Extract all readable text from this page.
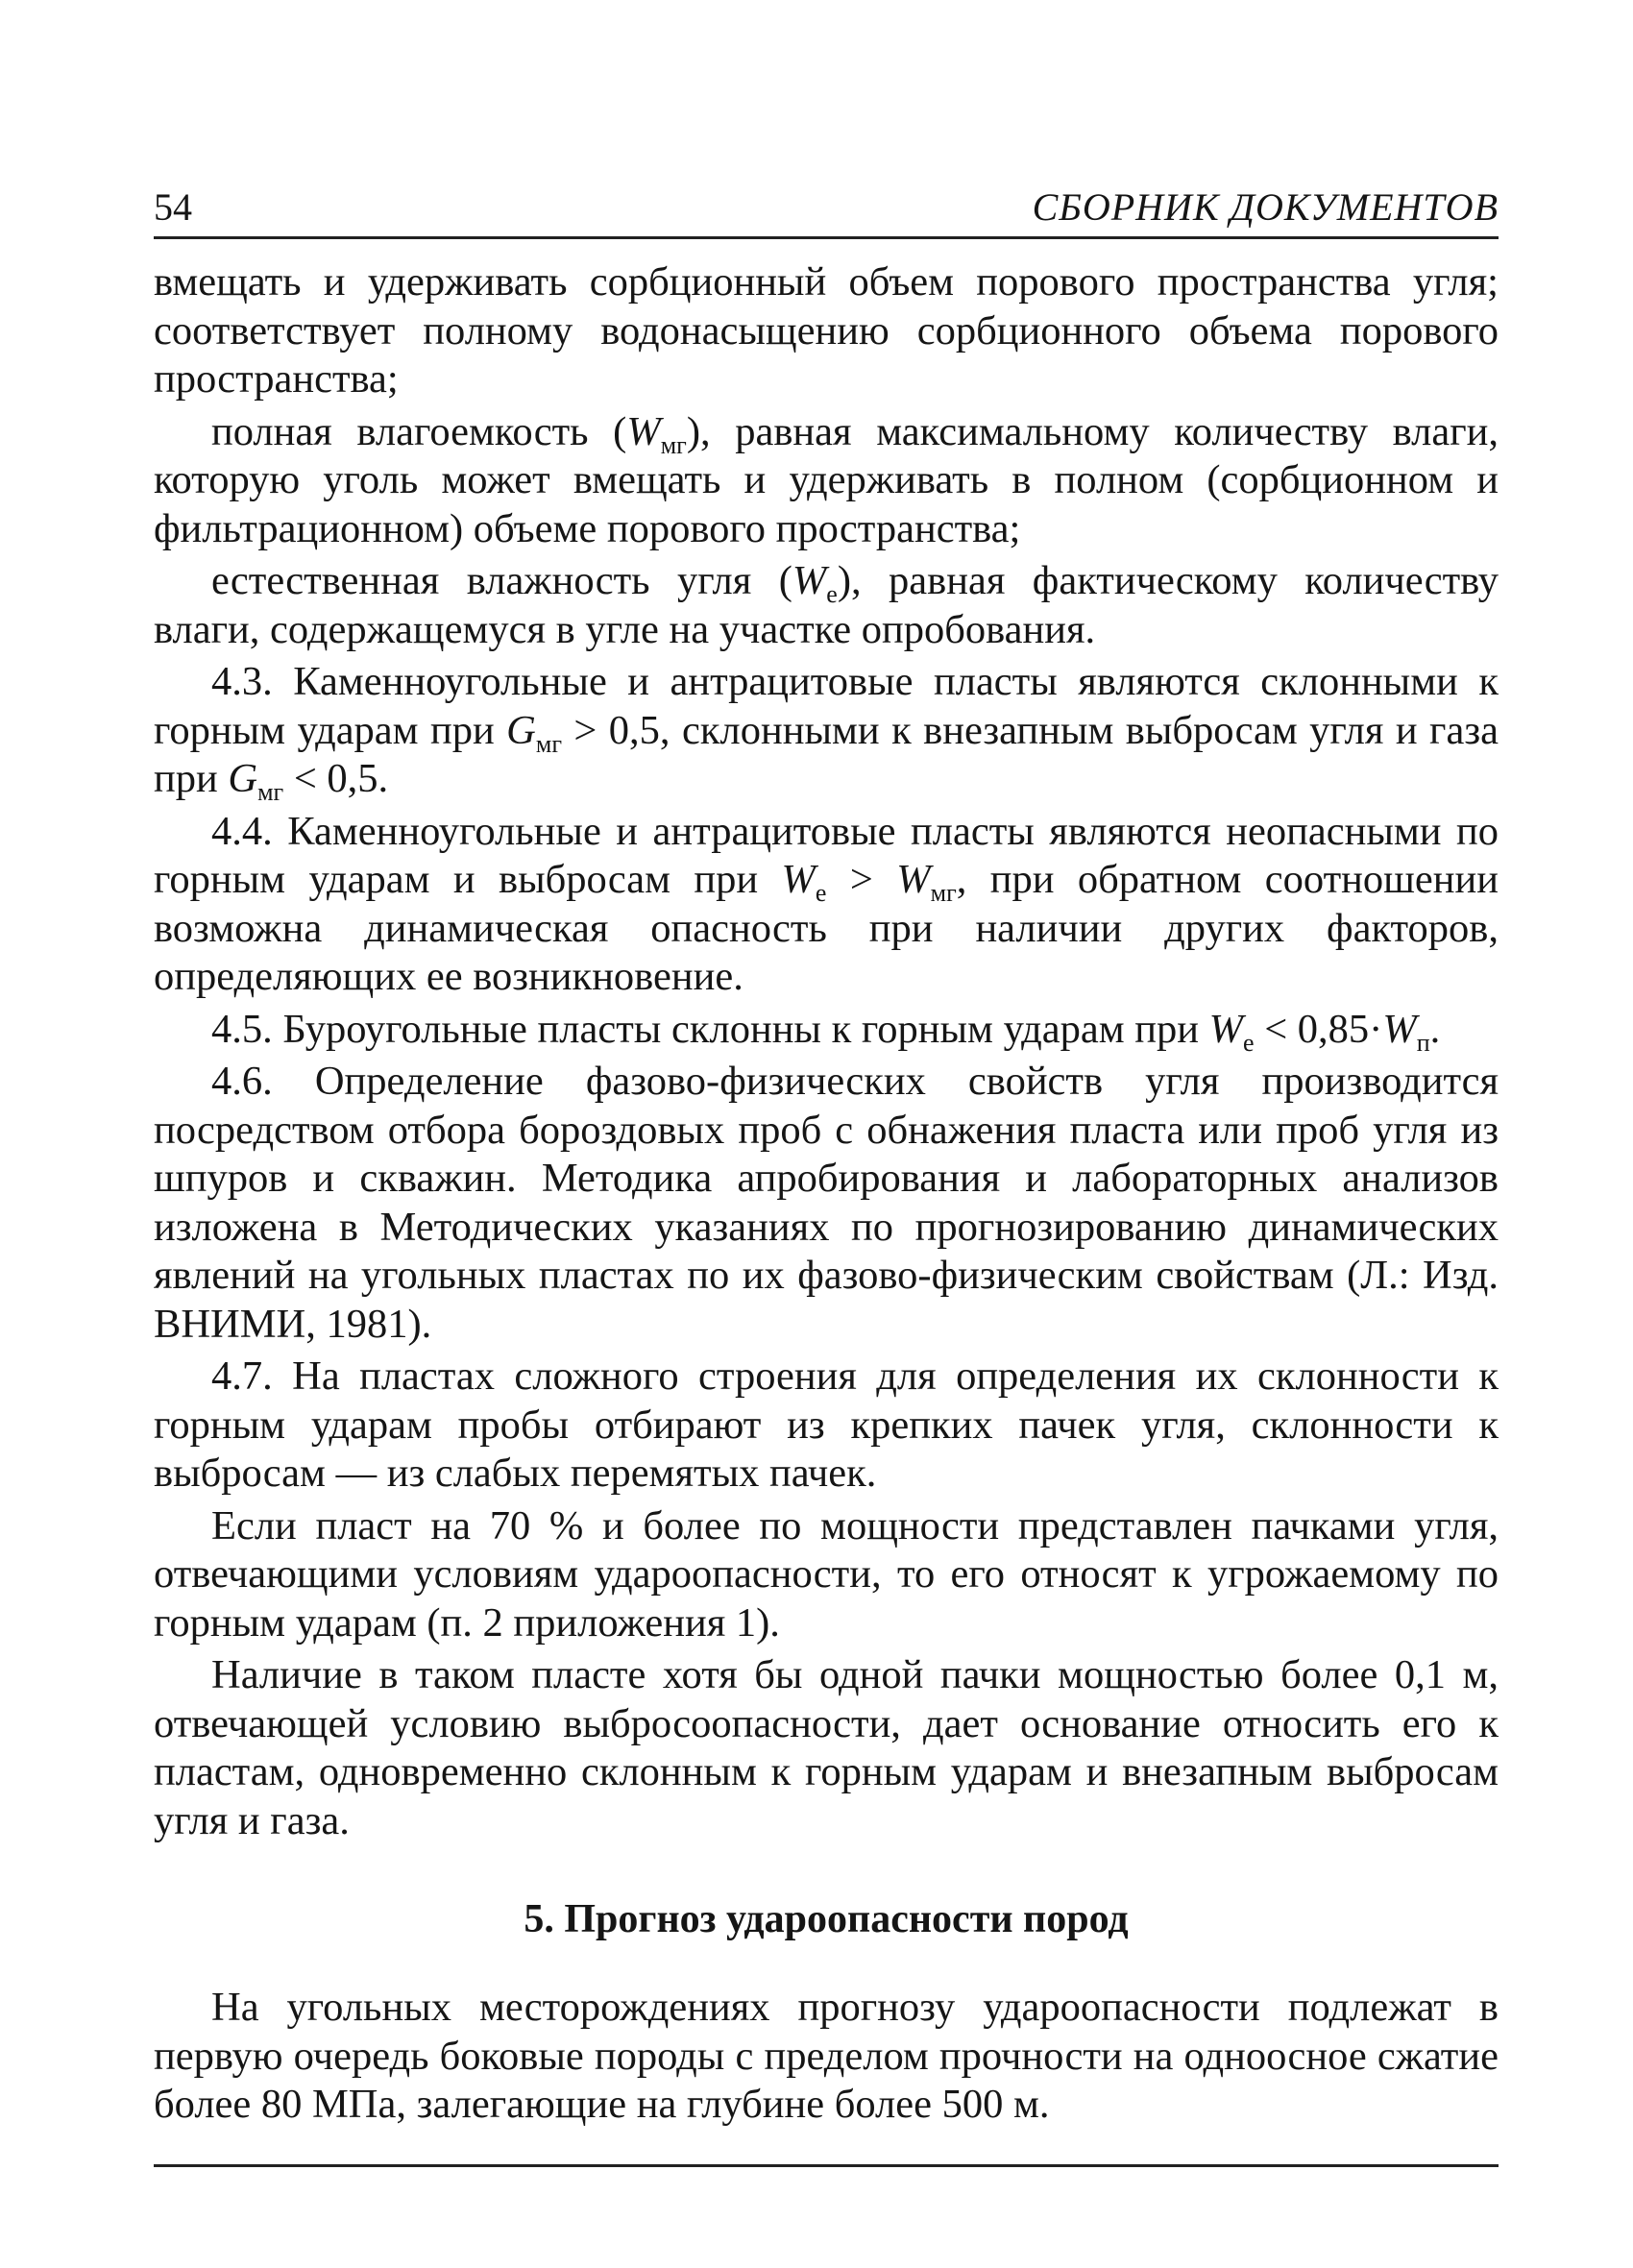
54	СБОРНИК ДОКУМЕНТОВ

вмещать и удерживать сорбционный объем порового пространства угля; соответствует полному водонасыщению сорбционного объема порового пространства;

полная влагоемкость $(W_{мг})$, равная максимальному количеству влаги, которую уголь может вмещать и удерживать в полном (сорбционном и фильтрационном) объеме порового пространства;

естественная влажность угля $(W_е)$, равная фактическому количеству влаги, содержащемуся в угле на участке опробования.

4.3. Каменноугольные и антрацитовые пласты являются склонными к горным ударам при $G_{мг} > 0,5$, склонными к внезапным выбросам угля и газа при $G_{мг} < 0,5$.

4.4. Каменноугольные и антрацитовые пласты являются неопасными по горным ударам и выбросам при $W_е > W_{мг}$, при обратном соотношении возможна динамическая опасность при наличии других факторов, определяющих ее возникновение.

4.5. Буроугольные пласты склонны к горным ударам при $W_е < 0,85\cdot W_п$.

4.6. Определение фазово-физических свойств угля производится посредством отбора бороздовых проб с обнажения пласта или проб угля из шпуров и скважин. Методика апробирования и лабораторных анализов изложена в Методических указаниях по прогнозированию динамических явлений на угольных пластах по их фазово-физическим свойствам (Л.: Изд. ВНИМИ, 1981).

4.7. На пластах сложного строения для определения их склонности к горным ударам пробы отбирают из крепких пачек угля, склонности к выбросам — из слабых перемятых пачек.

Если пласт на 70 % и более по мощности представлен пачками угля, отвечающими условиям удароопасности, то его относят к угрожаемому по горным ударам (п. 2 приложения 1).

Наличие в таком пласте хотя бы одной пачки мощностью более 0,1 м, отвечающей условию выбросоопасности, дает основание относить его к пластам, одновременно склонным к горным ударам и внезапным выбросам угля и газа.

5. Прогноз удароопасности пород

На угольных месторождениях прогнозу удароопасности подлежат в первую очередь боковые породы с пределом прочности на одноосное сжатие более 80 МПа, залегающие на глубине более 500 м.
